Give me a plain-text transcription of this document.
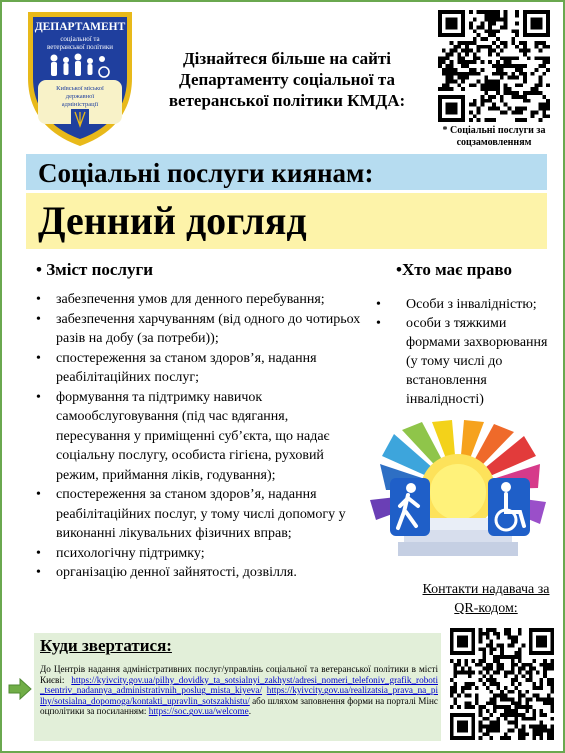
ДЕПАРТАМЕНТ
соціальної та
ветеранської політики
Київської міської
державної
адміністрації
Дізнайтеся більше на сайті
Департаменту соціальної та
ветеранської політики КМДА:
* Соціальні послуги за соцзамовленням
Соціальні послуги киянам:
Денний догляд
• Зміст послуги
• забезпечення умов для денного перебування;
• забезпечення харчуванням (від одного до чотирьох разів на добу (за потреби));
• спостереження за станом здоров’я, надання реабілітаційних послуг;
• формування та підтримку навичок самообслуговування (під час вдягання, пересування у приміщенні суб’єкта, що надає соціальну послугу, особиста гігієна, руховий режим, приймання ліків, годування);
• спостереження за станом здоров’я, надання реабілітаційних послуг, у тому числі допомогу у виконанні лікувальних фізичних вправ;
• психологічну підтримку;
• організацію денної зайнятості, дозвілля.
•Хто має право
• Особи з інвалідністю;
• особи з тяжкими формами захворювання (у тому числі до встановлення інвалідності)
Контакти надавача за QR-кодом:
Куди звертатися:
До Центрів надання адміністративних послуг/управлінь соціальної та ветеранської політики в місті Києві: https://kyivcity.gov.ua/pilhy_dovidky_ta_sotsialnyi_zakhyst/adresi_nomeri_telefoniv_grafik_roboti_tsentriv_nadannya_administrativnih_poslug_mista_kiyeva/ https://kyivcity.gov.ua/realizatsia_prava_na_pilhy/sotsialna_dopomoga/kontakti_upravlin_sotszakhistu/ або шляхом заповнення форми на порталі Мінсоцполітики за посиланням: https://soc.gov.ua/welcome.
